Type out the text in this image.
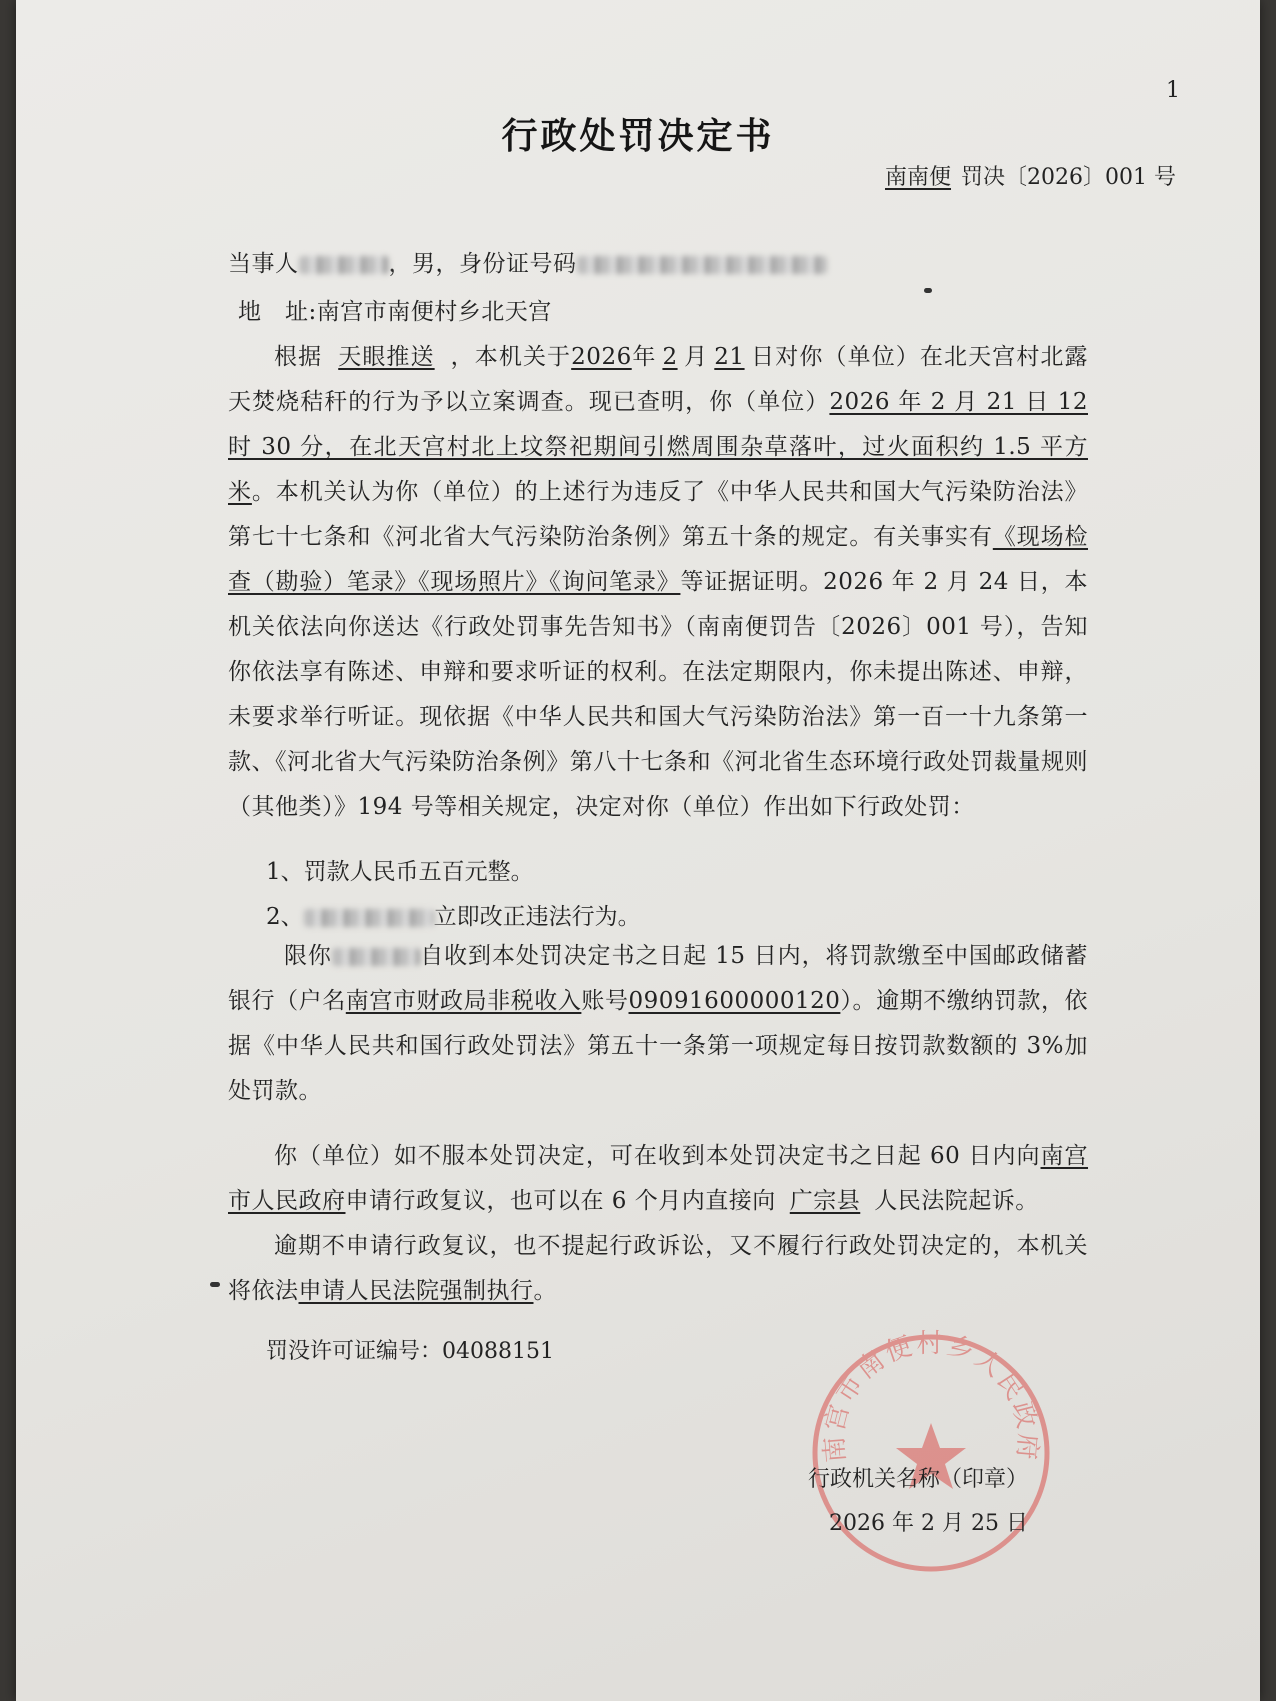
1
行政处罚决定书
南南便 罚决〔2026〕001 号
当事人	，男，身份证号码
地　址:南宫市南便村乡北天宫

根据 天眼推送 ，本机关于2026年 2 月 21 日对你（单位）在北天宫村北露天焚烧秸秆的行为予以立案调查。现已查明，你（单位）2026 年 2 月 21 日 12 时 30 分，在北天宫村北上坟祭祀期间引燃周围杂草落叶，过火面积约 1.5 平方米。本机关认为你（单位）的上述行为违反了《中华人民共和国大气污染防治法》第七十七条和《河北省大气污染防治条例》第五十条的规定。有关事实有《现场检查（勘验）笔录》《现场照片》《询问笔录》等证据证明。2026 年 2 月 24 日，本机关依法向你送达《行政处罚事先告知书》（南南便罚告〔2026〕001 号），告知你依法享有陈述、申辩和要求听证的权利。在法定期限内，你未提出陈述、申辩，未要求举行听证。现依据《中华人民共和国大气污染防治法》第一百一十九条第一款、《河北省大气污染防治条例》第八十七条和《河北省生态环境行政处罚裁量规则（其他类）》194 号等相关规定，决定对你（单位）作出如下行政处罚：

1、罚款人民币五百元整。
2、	立即改正违法行为。
限你	自收到本处罚决定书之日起 15 日内，将罚款缴至中国邮政储蓄银行（户名南宫市财政局非税收入账号09091600000120）。逾期不缴纳罚款，依据《中华人民共和国行政处罚法》第五十一条第一项规定每日按罚款数额的 3%加处罚款。
你（单位）如不服本处罚决定，可在收到本处罚决定书之日起 60 日内向南宫市人民政府申请行政复议，也可以在 6 个月内直接向 广宗县 人民法院起诉。
逾期不申请行政复议，也不提起行政诉讼，又不履行行政处罚决定的，本机关将依法申请人民法院强制执行。
罚没许可证编号：04088151
南宫市南便村乡人民政府
行政机关名称（印章）
2026 年 2 月 25 日
